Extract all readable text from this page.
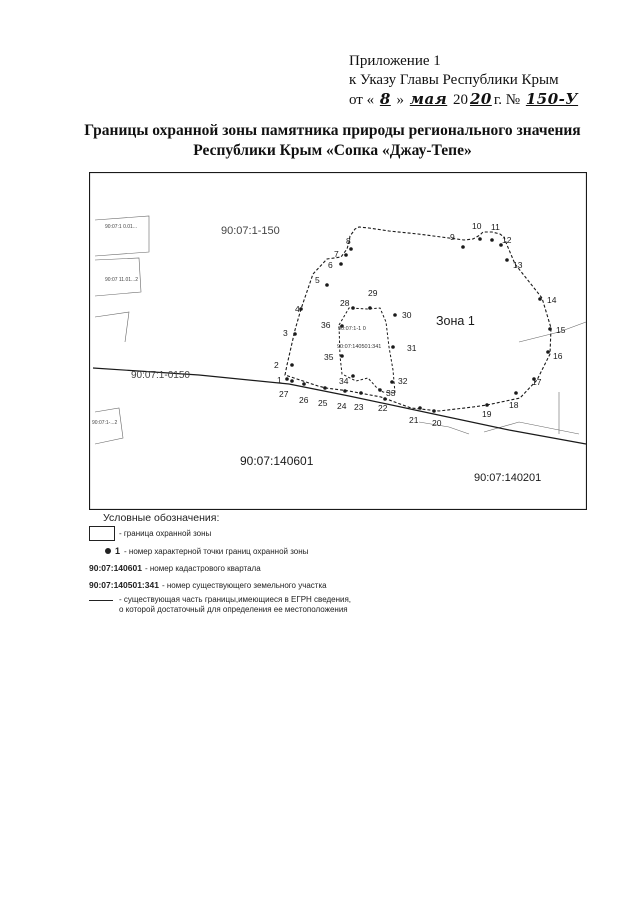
Приложение 1
к Указу Главы Республики Крым
от « 8 » мая 20 20 г. № 150-У
Границы охранной зоны памятника природы регионального значения
Республики Крым «Сопка «Джау-Тепе»
1
2
3
4
5
6
7
8	9
10 11
12
13
14
15
16
17
18
19
20
21
22
23
24
25
26
27
28
29
30
31
32
33
34
35
36	Зона 1
90:07:140601
90:07:140201
90:07:1-150
90:07:1-0150
90:07:140501:341
90:07:1-1 0
90:07:1 0.01...
90:07 11.01...2
90:07:1-...2
Условные обозначения:
- граница охранной зоны
1 - номер характерной точки границ охранной зоны
90:07:140601 - номер кадастрового квартала
90:07:140501:341 - номер существующего земельного участка
- существующая часть границы,имеющиеся в ЕГРН сведения,
о которой достаточный для определения ее местоположения
